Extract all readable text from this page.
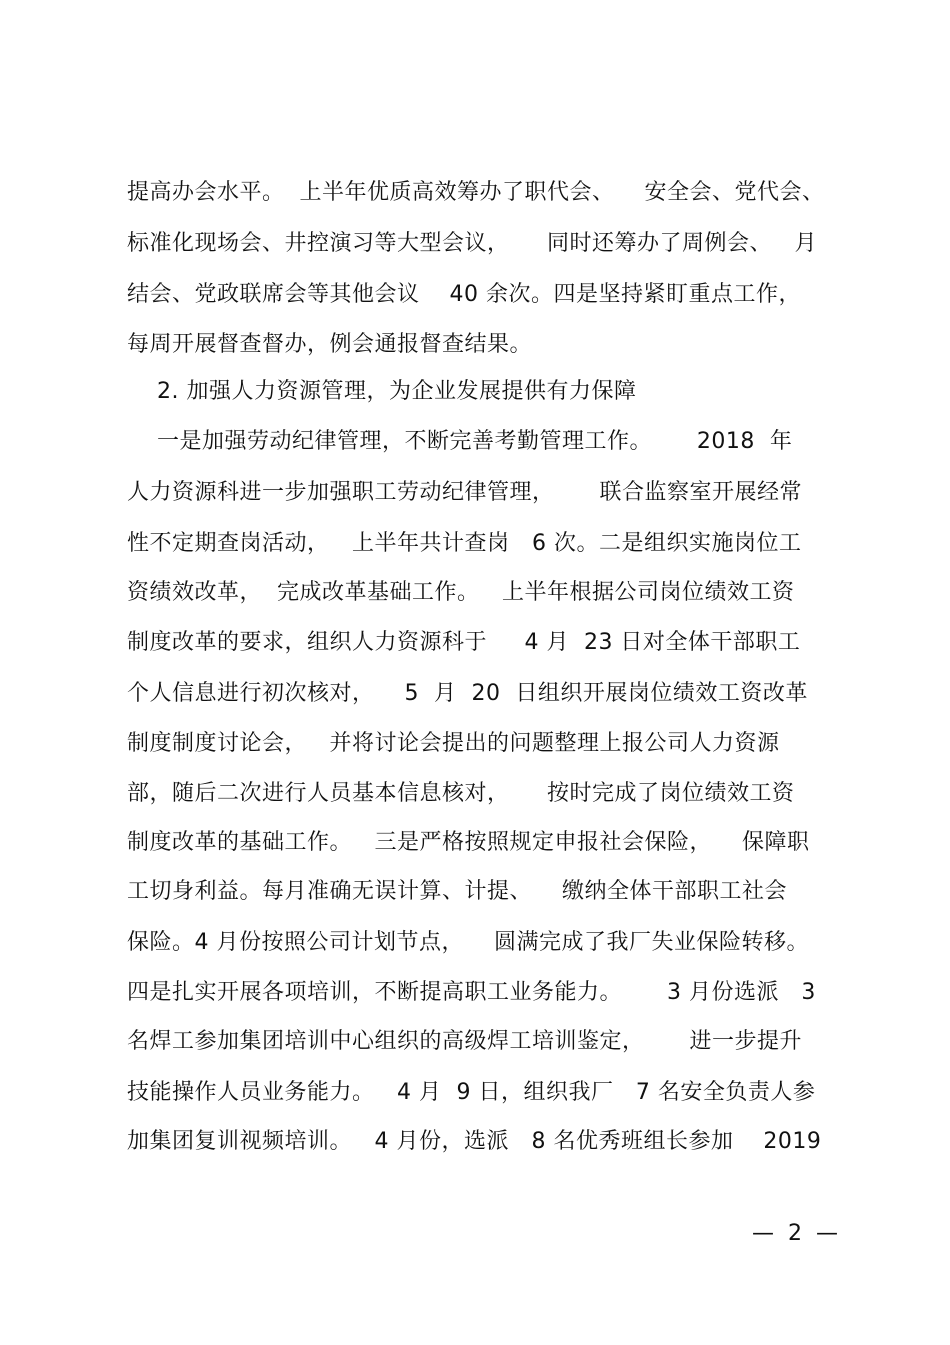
提高办会水平。  上半年优质高效筹办了职代会、    安全会、党代会、
标准化现场会、井控演习等大型会议，     同时还筹办了周例会、   月
结会、党政联席会等其他会议    40 余次。四是坚持紧盯重点工作，
每周开展督查督办，例会通报督查结果。
2. 加强人力资源管理，为企业发展提供有力保障
一是加强劳动纪律管理，不断完善考勤管理工作。      2018  年
人力资源科进一步加强职工劳动纪律管理，      联合监察室开展经常
性不定期查岗活动，   上半年共计查岗   6 次。二是组织实施岗位工
资绩效改革，  完成改革基础工作。   上半年根据公司岗位绩效工资
制度改革的要求，组织人力资源科于     4 月  23 日对全体干部职工
个人信息进行初次核对，    5  月  20  日组织开展岗位绩效工资改革
制度制度讨论会，   并将讨论会提出的问题整理上报公司人力资源
部，随后二次进行人员基本信息核对，     按时完成了岗位绩效工资
制度改革的基础工作。   三是严格按照规定申报社会保险，    保障职
工切身利益。每月准确无误计算、计提、    缴纳全体干部职工社会
保险。4 月份按照公司计划节点，    圆满完成了我厂失业保险转移。
四是扎实开展各项培训，不断提高职工业务能力。      3 月份选派   3
名焊工参加集团培训中心组织的高级焊工培训鉴定，      进一步提升
技能操作人员业务能力。   4 月  9 日，组织我厂   7 名安全负责人参
加集团复训视频培训。   4 月份，选派   8 名优秀班组长参加    2019
—  2  —
